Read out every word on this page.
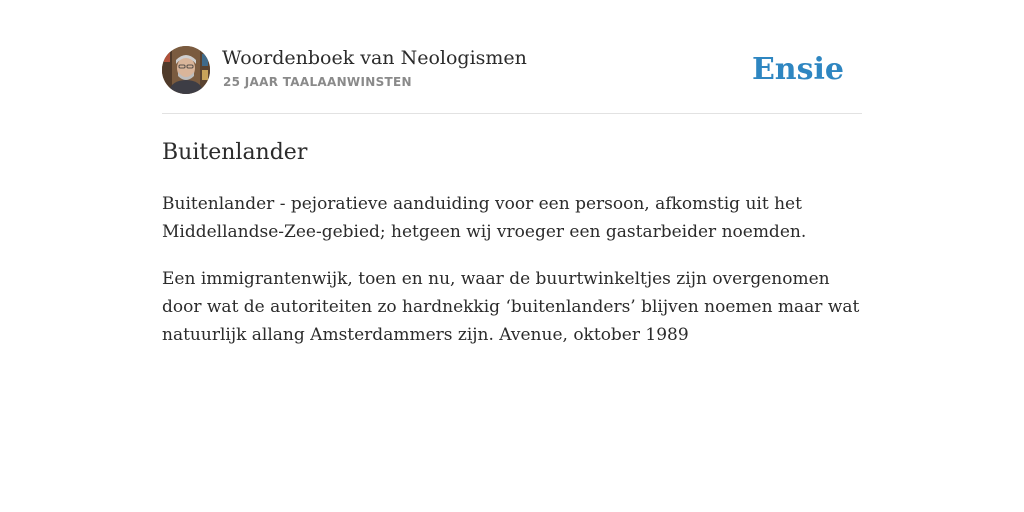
Woordenboek van Neologismen
25 JAAR TAALAANWINSTEN	Ensie
Buitenlander

Buitenlander - pejoratieve aanduiding voor een persoon, afkomstig uit het
Middellandse-Zee-gebied; hetgeen wij vroeger een gastarbeider noemden.

Een immigrantenwijk, toen en nu, waar de buurtwinkeltjes zijn overgenomen
door wat de autoriteiten zo hardnekkig ‘buitenlanders’ blijven noemen maar wat
natuurlijk allang Amsterdammers zijn. Avenue, oktober 1989
